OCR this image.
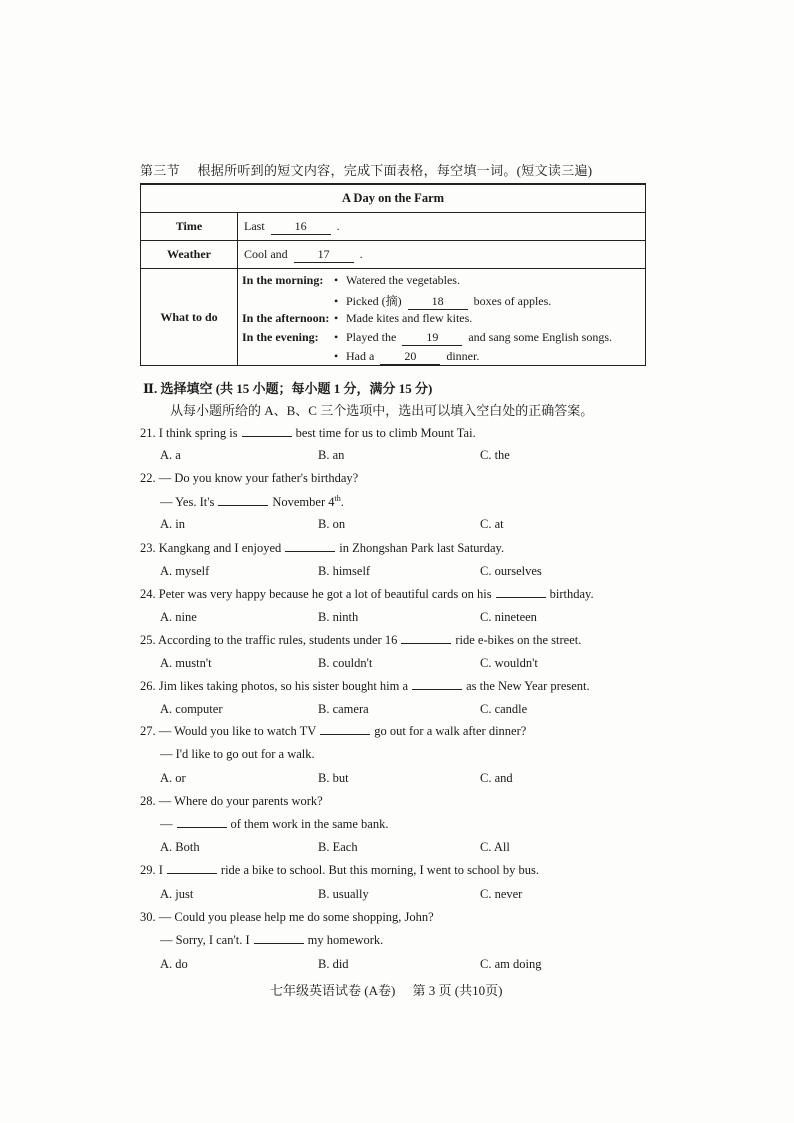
第三节 根据所听到的短文内容，完成下面表格，每空填一词。(短文读三遍)
A Day on the Farm	
Time	Last 16 .
Weather	Cool and 17 .
What to do	In the morning: • Watered the vegetables.
• Picked (摘) 18 boxes of apples.
In the afternoon: • Made kites and flew kites.
In the evening: • Played the 19 and sang some English songs.
• Had a 20 dinner.
Ⅱ. 选择填空 (共 15 小题；每小题 1 分，满分 15 分)
从每小题所给的 A、B、C 三个选项中，选出可以填入空白处的正确答案。
21. I think spring is	best time for us to climb Mount Tai.
A. a	B. an	C. the
22. — Do you know your father's birthday?
— Yes. It's	November 4th.
A. in	B. on	C. at
23. Kangkang and I enjoyed	in Zhongshan Park last Saturday.
A. myself	B. himself	C. ourselves
24. Peter was very happy because he got a lot of beautiful cards on his	birthday.
A. nine	B. ninth	C. nineteen
25. According to the traffic rules, students under 16	ride e-bikes on the street.
A. mustn't	B. couldn't	C. wouldn't
26. Jim likes taking photos, so his sister bought him a	as the New Year present.
A. computer	B. camera	C. candle
27. — Would you like to watch TV	go out for a walk after dinner?
— I'd like to go out for a walk.
A. or	B. but	C. and
28. — Where do your parents work?
—	of them work in the same bank.
A. Both	B. Each	C. All
29. I	ride a bike to school. But this morning, I went to school by bus.
A. just	B. usually	C. never
30. — Could you please help me do some shopping, John?
— Sorry, I can't. I	my homework.
A. do	B. did	C. am doing
七年级英语试卷 (A卷) 第 3 页 (共10页)
